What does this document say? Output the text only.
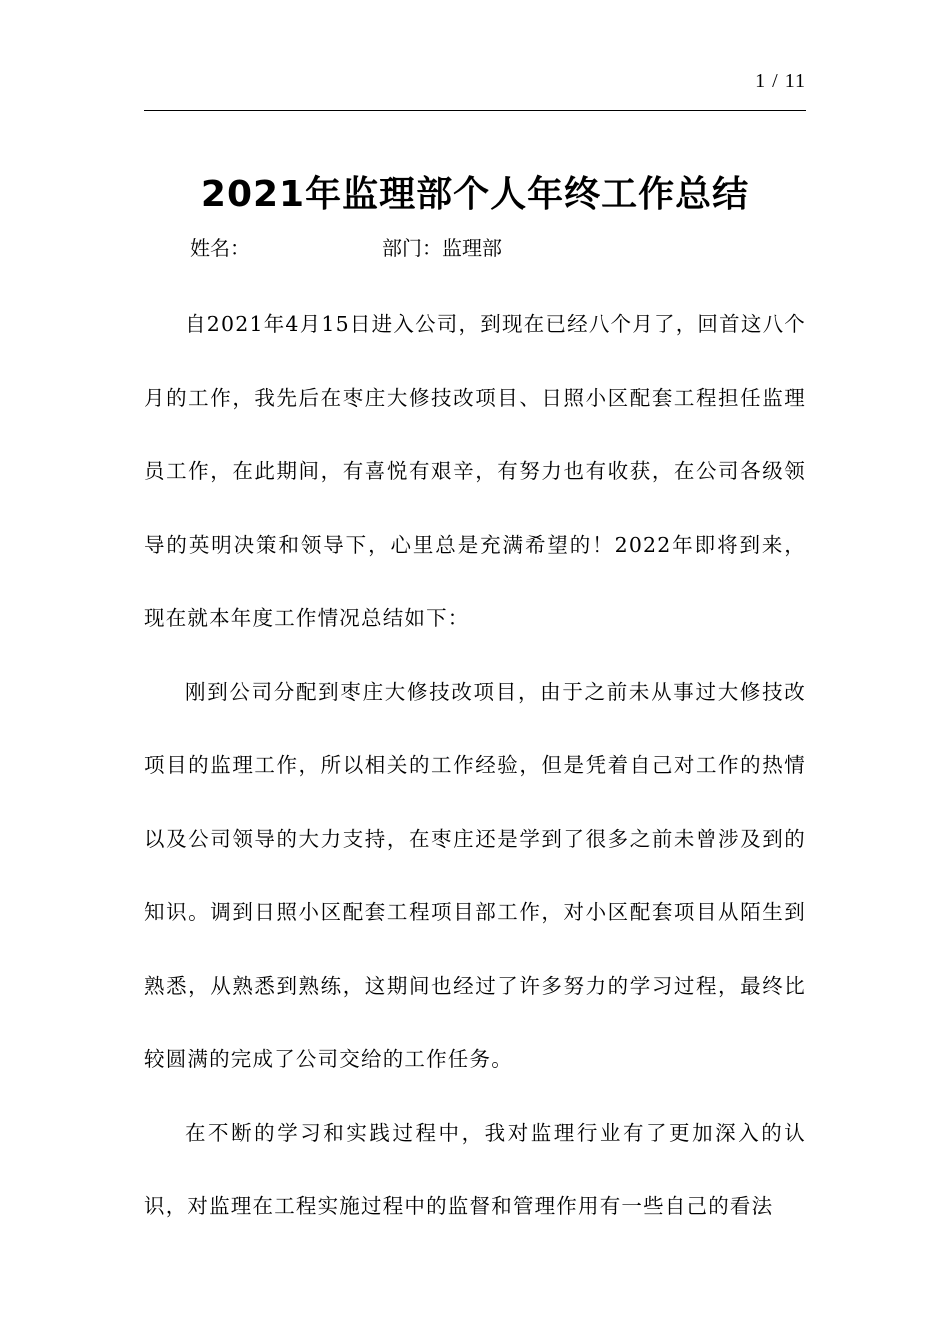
1 / 11
2021年监理部个人年终工作总结
姓名：	部门：监理部

自2021年4月15日进入公司，到现在已经八个月了，回首这八个月的工作，我先后在枣庄大修技改项目、日照小区配套工程担任监理员工作，在此期间，有喜悦有艰辛，有努力也有收获，在公司各级领导的英明决策和领导下，心里总是充满希望的！2022年即将到来，现在就本年度工作情况总结如下：

刚到公司分配到枣庄大修技改项目，由于之前未从事过大修技改项目的监理工作，所以相关的工作经验，但是凭着自己对工作的热情以及公司领导的大力支持，在枣庄还是学到了很多之前未曾涉及到的知识。调到日照小区配套工程项目部工作，对小区配套项目从陌生到熟悉，从熟悉到熟练，这期间也经过了许多努力的学习过程，最终比较圆满的完成了公司交给的工作任务。

在不断的学习和实践过程中，我对监理行业有了更加深入的认识，对监理在工程实施过程中的监督和管理作用有一些自己的看法
